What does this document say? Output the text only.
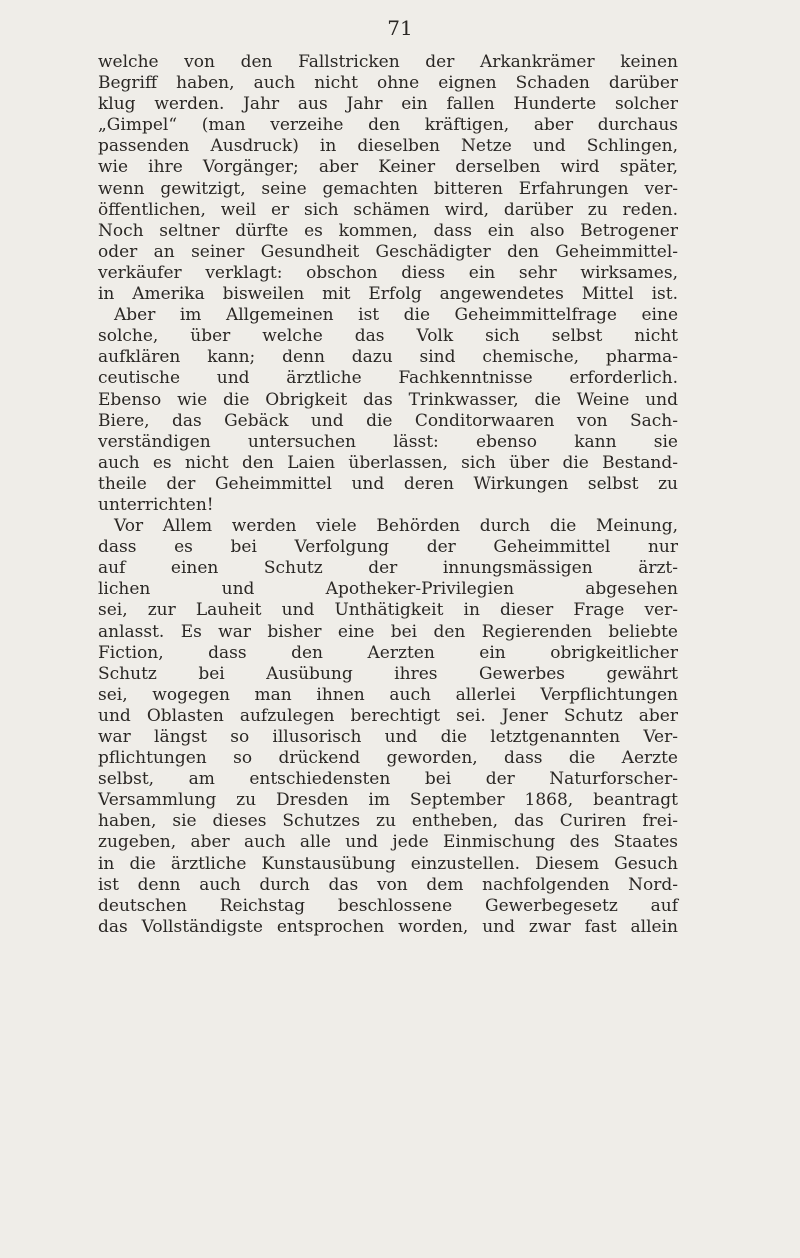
71
welche von den Fallstricken der Arkankrämer keinen
Begriff haben, auch nicht ohne eignen Schaden darüber
klug werden. Jahr aus Jahr ein fallen Hunderte solcher
„Gimpel“ (man verzeihe den kräftigen, aber durchaus
passenden Ausdruck) in dieselben Netze und Schlingen,
wie ihre Vorgänger; aber Keiner derselben wird später,
wenn gewitzigt, seine gemachten bitteren Erfahrungen ver-
öffentlichen, weil er sich schämen wird, darüber zu reden.
Noch seltner dürfte es kommen, dass ein also Betrogener
oder an seiner Gesundheit Geschädigter den Geheimmittel-
verkäufer verklagt: obschon diess ein sehr wirksames,
in Amerika bisweilen mit Erfolg angewendetes Mittel ist.
Aber im Allgemeinen ist die Geheimmittelfrage eine
solche, über welche das Volk sich selbst nicht
aufklären kann; denn dazu sind chemische, pharma-
ceutische und ärztliche Fachkenntnisse erforderlich.
Ebenso wie die Obrigkeit das Trinkwasser, die Weine und
Biere, das Gebäck und die Conditorwaaren von Sach-
verständigen untersuchen lässt: ebenso kann sie
auch es nicht den Laien überlassen, sich über die Bestand-
theile der Geheimmittel und deren Wirkungen selbst zu
unterrichten!
Vor Allem werden viele Behörden durch die Meinung,
dass es bei Verfolgung der Geheimmittel nur
auf einen Schutz der innungsmässigen ärzt-
lichen und Apotheker-Privilegien abgesehen
sei, zur Lauheit und Unthätigkeit in dieser Frage ver-
anlasst. Es war bisher eine bei den Regierenden beliebte
Fiction, dass den Aerzten ein obrigkeitlicher
Schutz bei Ausübung ihres Gewerbes gewährt
sei, wogegen man ihnen auch allerlei Verpflichtungen
und Oblasten aufzulegen berechtigt sei. Jener Schutz aber
war längst so illusorisch und die letztgenannten Ver-
pflichtungen so drückend geworden, dass die Aerzte
selbst, am entschiedensten bei der Naturforscher-
Versammlung zu Dresden im September 1868, beantragt
haben, sie dieses Schutzes zu entheben, das Curiren frei-
zugeben, aber auch alle und jede Einmischung des Staates
in die ärztliche Kunstausübung einzustellen. Diesem Gesuch
ist denn auch durch das von dem nachfolgenden Nord-
deutschen Reichstag beschlossene Gewerbegesetz auf
das Vollständigste entsprochen worden, und zwar fast allein
